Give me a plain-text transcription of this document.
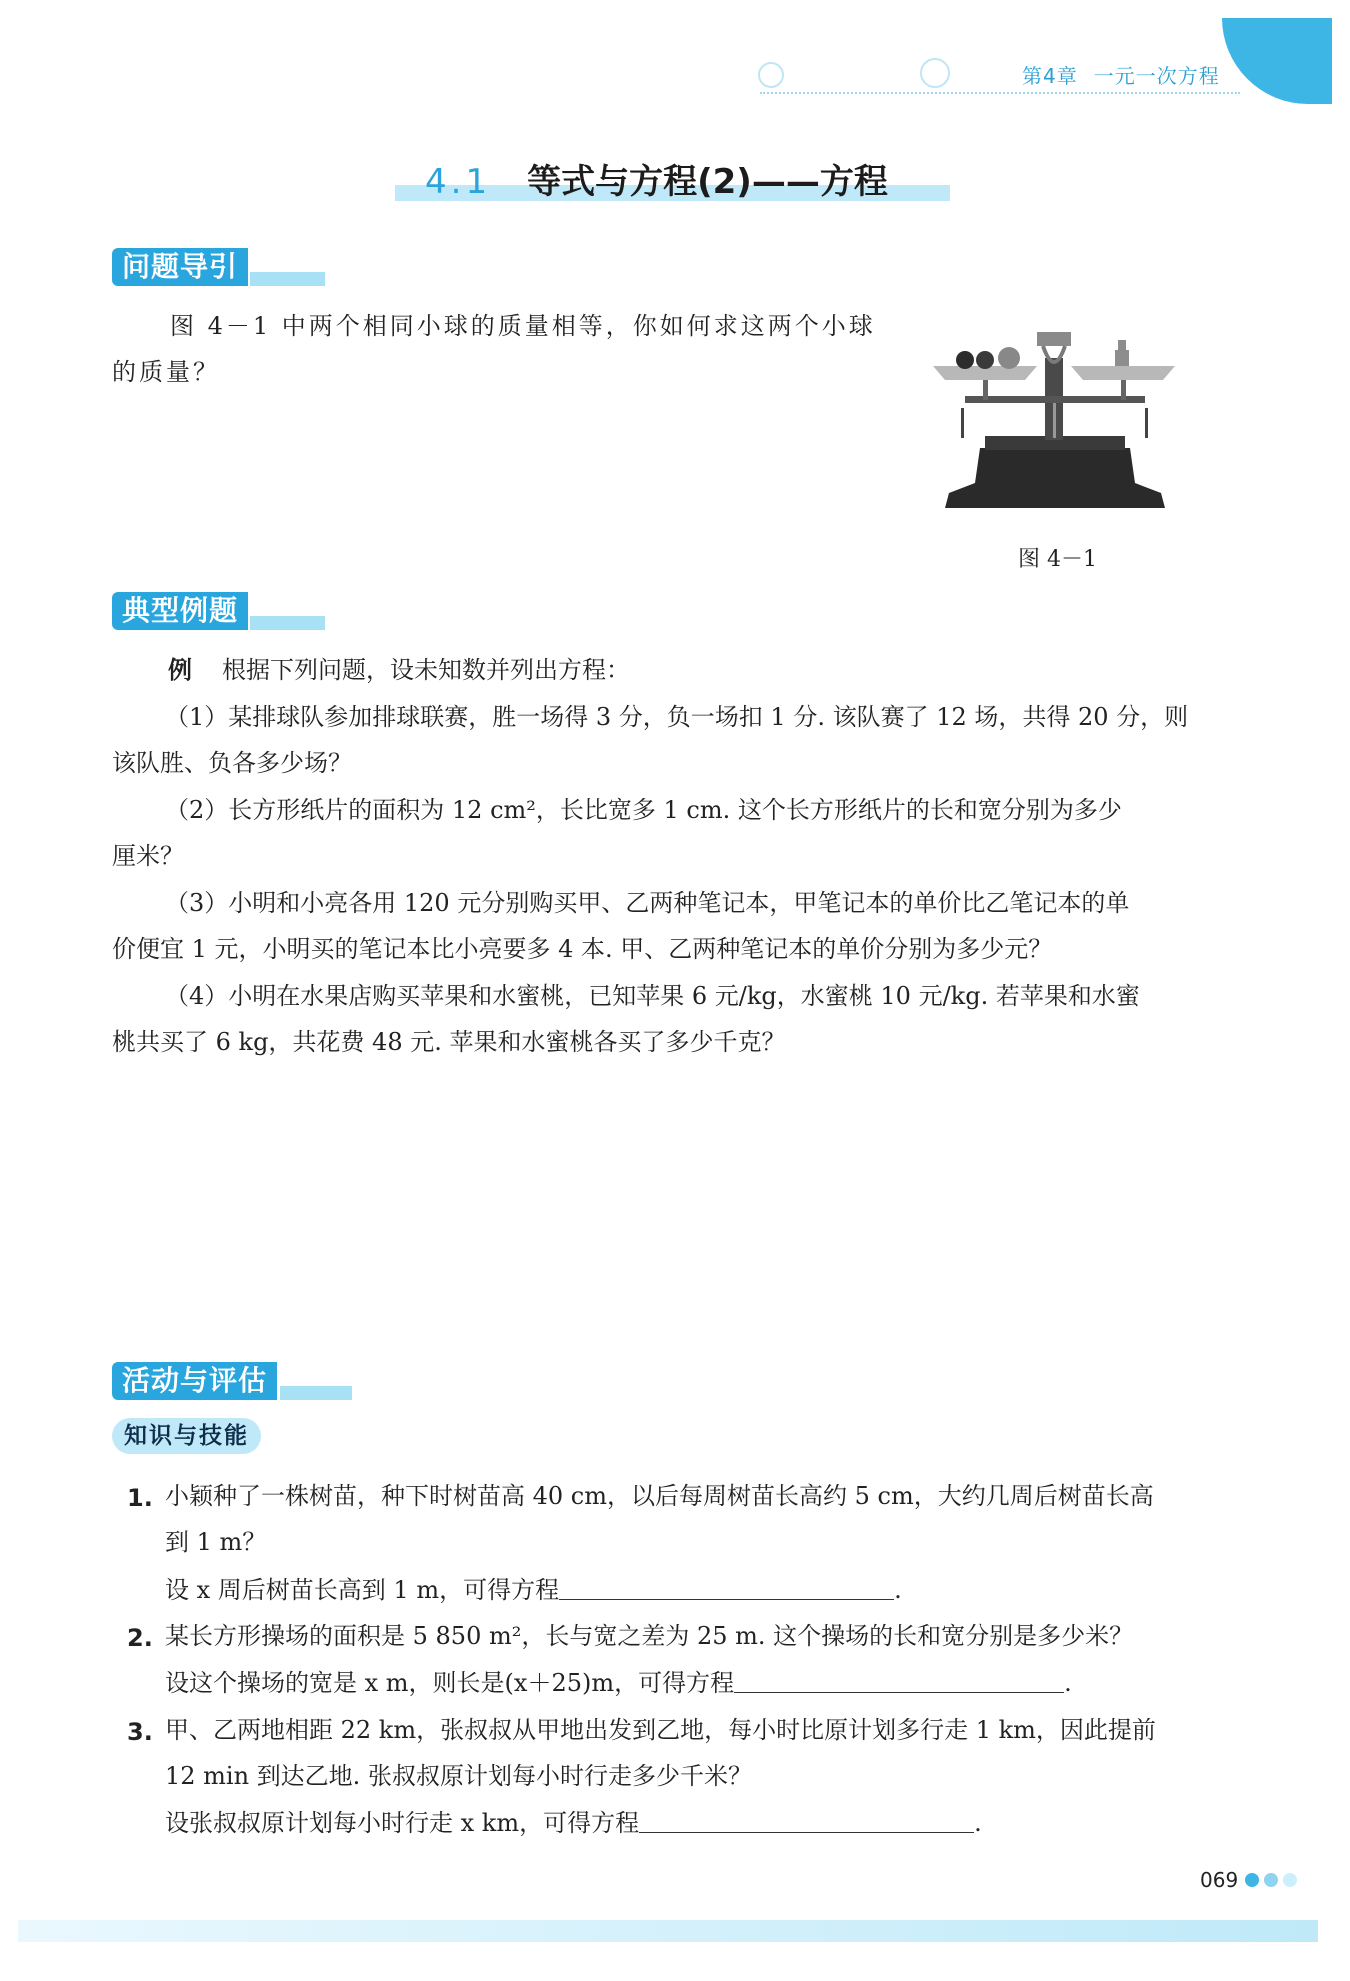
第4章 一元一次方程
4.1 等式与方程(2)——方程
问题导引
图 4－1 中两个相同小球的质量相等，你如何求这两个小球
的质量？
图 4－1
典型例题
例 根据下列问题，设未知数并列出方程：
（1）某排球队参加排球联赛，胜一场得 3 分，负一场扣 1 分. 该队赛了 12 场，共得 20 分，则
该队胜、负各多少场？
（2）长方形纸片的面积为 12 cm²，长比宽多 1 cm. 这个长方形纸片的长和宽分别为多少
厘米？
（3）小明和小亮各用 120 元分别购买甲、乙两种笔记本，甲笔记本的单价比乙笔记本的单
价便宜 1 元，小明买的笔记本比小亮要多 4 本. 甲、乙两种笔记本的单价分别为多少元？
（4）小明在水果店购买苹果和水蜜桃，已知苹果 6 元/kg，水蜜桃 10 元/kg. 若苹果和水蜜
桃共买了 6 kg，共花费 48 元. 苹果和水蜜桃各买了多少千克？
活动与评估
知识与技能
1. 小颖种了一株树苗，种下时树苗高 40 cm，以后每周树苗长高约 5 cm，大约几周后树苗长高
到 1 m？
设 x 周后树苗长高到 1 m，可得方程	.
2. 某长方形操场的面积是 5 850 m²，长与宽之差为 25 m. 这个操场的长和宽分别是多少米？
设这个操场的宽是 x m，则长是(x＋25)m，可得方程	.
3. 甲、乙两地相距 22 km，张叔叔从甲地出发到乙地，每小时比原计划多行走 1 km，因此提前
12 min 到达乙地. 张叔叔原计划每小时行走多少千米？
设张叔叔原计划每小时行走 x km，可得方程	.
069
